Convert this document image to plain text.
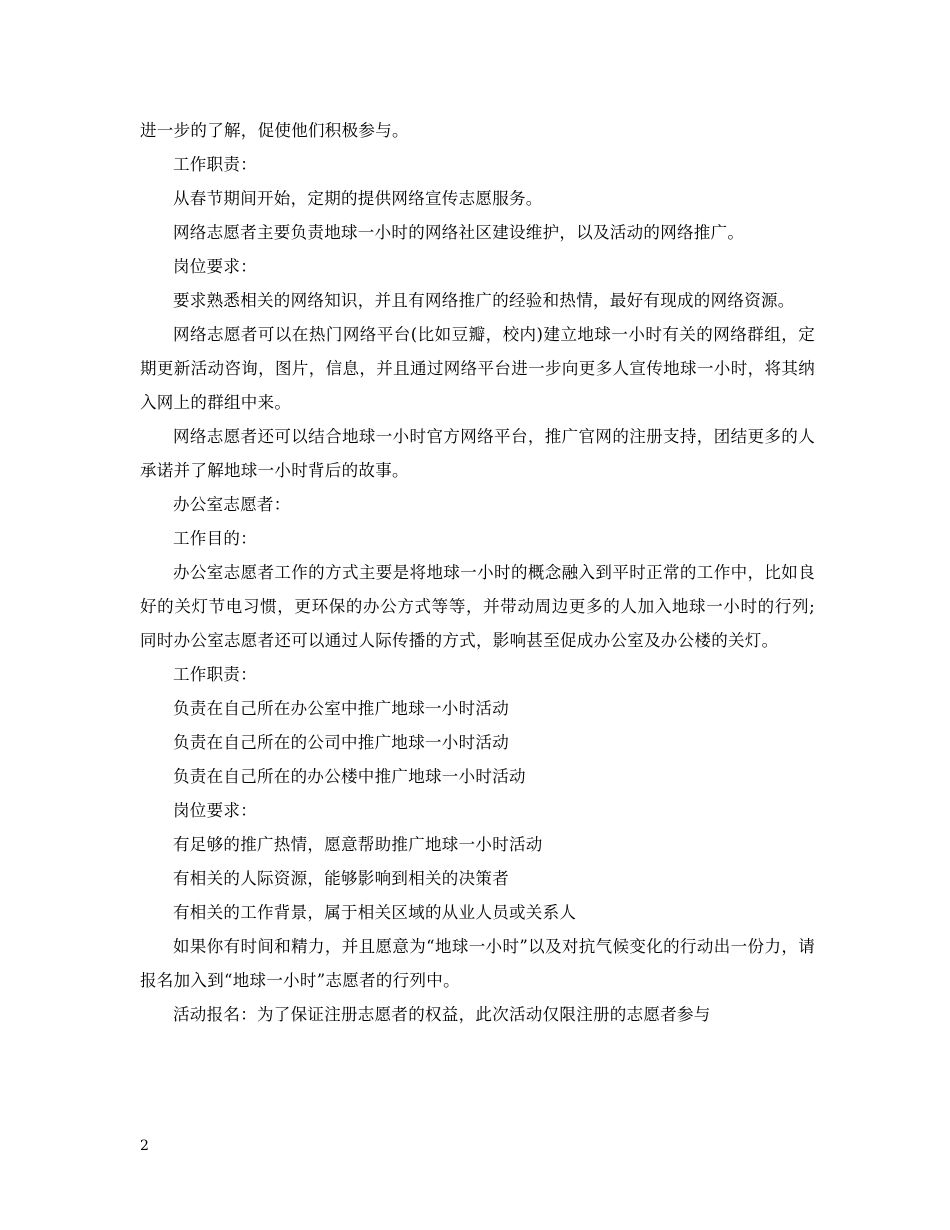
进一步的了解，促使他们积极参与。

工作职责：

从春节期间开始，定期的提供网络宣传志愿服务。

网络志愿者主要负责地球一小时的网络社区建设维护，以及活动的网络推广。

岗位要求：

要求熟悉相关的网络知识，并且有网络推广的经验和热情，最好有现成的网络资源。

网络志愿者可以在热门网络平台(比如豆瓣，校内)建立地球一小时有关的网络群组，定期更新活动咨询，图片，信息，并且通过网络平台进一步向更多人宣传地球一小时，将其纳入网上的群组中来。

网络志愿者还可以结合地球一小时官方网络平台，推广官网的注册支持，团结更多的人承诺并了解地球一小时背后的故事。

办公室志愿者：

工作目的：

办公室志愿者工作的方式主要是将地球一小时的概念融入到平时正常的工作中，比如良好的关灯节电习惯，更环保的办公方式等等，并带动周边更多的人加入地球一小时的行列;同时办公室志愿者还可以通过人际传播的方式，影响甚至促成办公室及办公楼的关灯。

工作职责：

负责在自己所在办公室中推广地球一小时活动

负责在自己所在的公司中推广地球一小时活动

负责在自己所在的办公楼中推广地球一小时活动

岗位要求：

有足够的推广热情，愿意帮助推广地球一小时活动

有相关的人际资源，能够影响到相关的决策者

有相关的工作背景，属于相关区域的从业人员或关系人

如果你有时间和精力，并且愿意为“地球一小时”以及对抗气候变化的行动出一份力，请报名加入到“地球一小时”志愿者的行列中。

活动报名：为了保证注册志愿者的权益，此次活动仅限注册的志愿者参与

2
